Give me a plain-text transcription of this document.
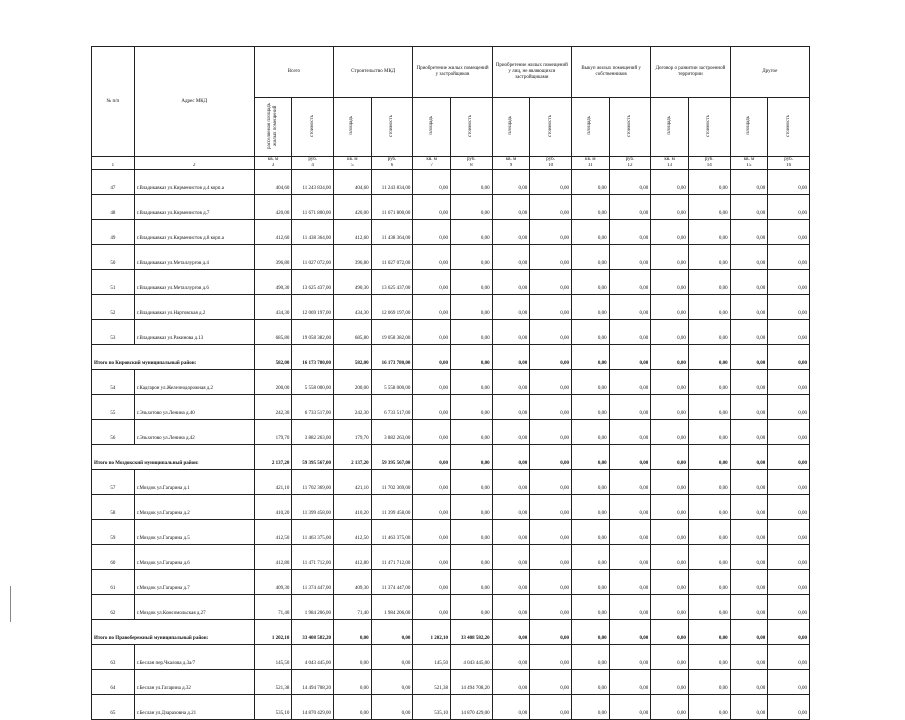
№ п/п	Адрес МКД	Всего		Строительство МКД		Приобретение жилых помещений у застройщиков		Приобретение жилых помещений у лиц, не являющихся застройщиками		Выкуп жилых помещений у собственников		Договор о развитии застроенной территории		Другое	
		расселяемая площадь жилых помещений	стоимость	площадь	стоимость	площадь	стоимость	площадь	стоимость	площадь	стоимость	площадь	стоимость	площадь	стоимость
		кв. м	руб.	кв. м	руб.	кв. м	руб.	кв. м	руб.	кв. м	руб.	кв. м	руб.	кв. м	руб.
1	2	3	4	5	6	7	8	9	10	11	12	13	14	15	16
47	г.Владикавказ ул.Кирменистов д.4 корп.а	404,60	11 243 834,00	404,60	11 243 834,00	0,00	0,00	0,00	0,00	0,00	0,00	0,00	0,00	0,00	0,00
48	г.Владикавказ ул.Кирменистов д.7	420,00	11 671 800,00	420,00	11 671 800,00	0,00	0,00	0,00	0,00	0,00	0,00	0,00	0,00	0,00	0,00
49	г.Владикавказ ул.Кирменистов д.8 корп.а	412,60	11 438 364,00	412,60	11 438 364,00	0,00	0,00	0,00	0,00	0,00	0,00	0,00	0,00	0,00	0,00
50	г.Владикавказ ул.Металлургов д.4	396,80	11 027 072,00	396,80	11 027 072,00	0,00	0,00	0,00	0,00	0,00	0,00	0,00	0,00	0,00	0,00
51	г.Владикавказ ул.Металлургов д.6	490,30	13 625 437,00	490,30	13 625 437,00	0,00	0,00	0,00	0,00	0,00	0,00	0,00	0,00	0,00	0,00
52	г.Владикавказ ул.Нартовская д.2	434,30	12 069 197,00	434,30	12 069 197,00	0,00	0,00	0,00	0,00	0,00	0,00	0,00	0,00	0,00	0,00
53	г.Владикавказ ул.Ракинова д.13	685,80	19 058 382,00	685,80	19 058 382,00	0,00	0,00	0,00	0,00	0,00	0,00	0,00	0,00	0,00	0,00
Итого по Кировский муниципальный район:		582,00	16 173 780,00	582,00	16 173 780,00	0,00	0,00	0,00	0,00	0,00	0,00	0,00	0,00	0,00	0,00
54	г.Кадгарон ул.Железнодорожная д.2	200,00	5 558 000,00	200,00	5 558 000,00	0,00	0,00	0,00	0,00	0,00	0,00	0,00	0,00	0,00	0,00
55	г.Эльхотово ул.Ленина д.40	242,30	6 733 517,00	242,30	6 733 517,00	0,00	0,00	0,00	0,00	0,00	0,00	0,00	0,00	0,00	0,00
56	г.Эльхотово ул.Ленина д.42	179,70	3 882 263,00	179,70	3 882 263,00	0,00	0,00	0,00	0,00	0,00	0,00	0,00	0,00	0,00	0,00
Итого по Моздокский муниципальный район:		2 137,20	59 395 567,00	2 137,20	59 395 567,00	0,00	0,00	0,00	0,00	0,00	0,00	0,00	0,00	0,00	0,00
57	г.Моздок ул.Гагарина д.1	421,10	11 702 369,00	421,10	11 702 369,00	0,00	0,00	0,00	0,00	0,00	0,00	0,00	0,00	0,00	0,00
58	г.Моздок ул.Гагарина д.2	410,20	11 399 458,00	410,20	11 399 458,00	0,00	0,00	0,00	0,00	0,00	0,00	0,00	0,00	0,00	0,00
59	г.Моздок ул.Гагарина д.5	412,50	11 463 375,00	412,50	11 463 375,00	0,00	0,00	0,00	0,00	0,00	0,00	0,00	0,00	0,00	0,00
60	г.Моздок ул.Гагарина д.6	412,80	11 471 712,00	412,80	11 471 712,00	0,00	0,00	0,00	0,00	0,00	0,00	0,00	0,00	0,00	0,00
61	г.Моздок ул.Гагарина д.7	409,30	11 374 447,00	409,30	11 374 447,00	0,00	0,00	0,00	0,00	0,00	0,00	0,00	0,00	0,00	0,00
62	г.Моздок ул.Комсомольская д.27	71,40	1 984 206,00	71,40	1 984 206,00	0,00	0,00	0,00	0,00	0,00	0,00	0,00	0,00	0,00	0,00
Итого по Правобережный муниципальный район:		1 202,10	33 408 582,20	0,00	0,00	1 202,10	33 408 582,20	0,00	0,00	0,00	0,00	0,00	0,00	0,00	0,00
63	г.Беслан пер.Чкалова д.3а/7	145,50	4 043 445,00	0,00	0,00	145,50	4 043 445,00	0,00	0,00	0,00	0,00	0,00	0,00	0,00	0,00
64	г.Беслан ул.Гагарина д.32	521,38	14 494 708,20	0,00	0,00	521,38	14 494 708,20	0,00	0,00	0,00	0,00	0,00	0,00	0,00	0,00
65	г.Беслан ул.Дзараховна д.21	535,10	14 870 429,00	0,00	0,00	535,10	14 870 429,00	0,00	0,00	0,00	0,00	0,00	0,00	0,00	0,00
